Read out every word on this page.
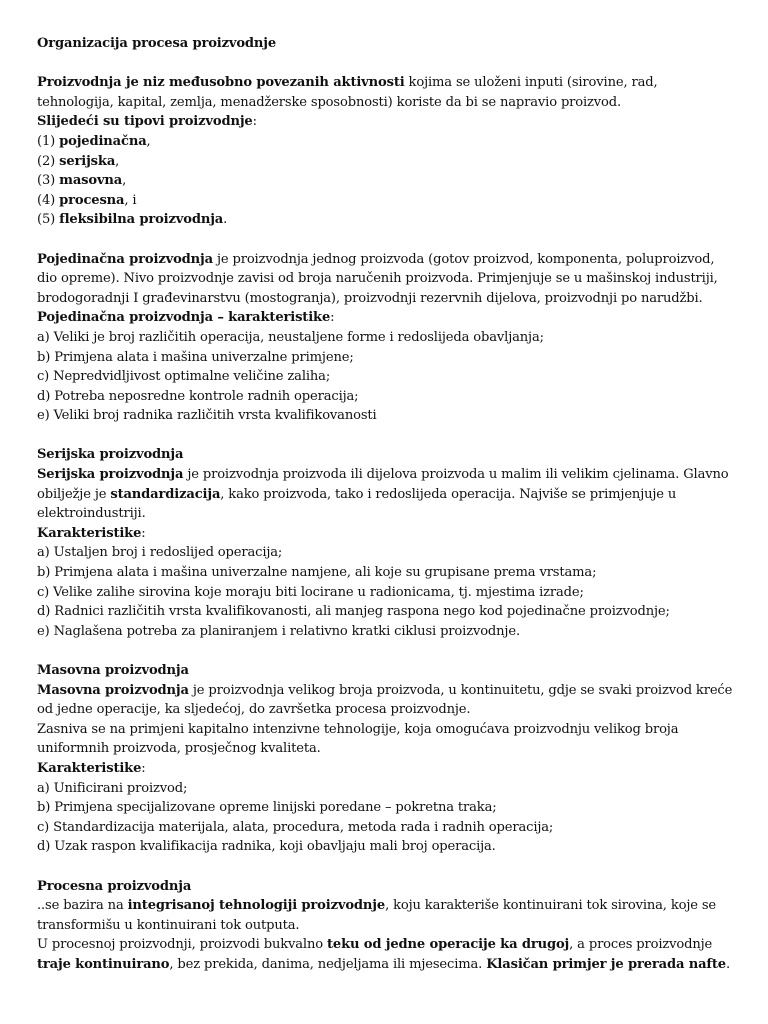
Organizacija procesa proizvodnje
Proizvodnja je niz međusobno povezanih aktivnosti kojima se uloženi inputi (sirovine, rad, tehnologija, kapital, zemlja, menadžerske sposobnosti) koriste da bi se napravio proizvod.
Slijedeći su tipovi proizvodnje:
(1) pojedinačna,
(2) serijska,
(3) masovna,
(4) procesna, i
(5) fleksibilna proizvodnja.
Pojedinačna proizvodnja je proizvodnja jednog proizvoda (gotov proizvod, komponenta, poluproizvod, dio opreme). Nivo proizvodnje zavisi od broja naručenih proizvoda. Primjenjuje se u mašinskoj industriji, brodogoradnji I građevinarstvu (mostogranja), proizvodnji rezervnih dijelova, proizvodnji po narudžbi.
Pojedinačna proizvodnja – karakteristike:
a) Veliki je broj različitih operacija, neustaljene forme i redoslijeda obavljanja;
b) Primjena alata i mašina univerzalne primjene;
c) Nepredvidljivost optimalne veličine zaliha;
d) Potreba neposredne kontrole radnih operacija;
e) Veliki broj radnika različitih vrsta kvalifikovanosti
Serijska proizvodnja
Serijska proizvodnja je proizvodnja proizvoda ili dijelova proizvoda u malim ili velikim cjelinama. Glavno obilježje je standardizacija, kako proizvoda, tako i redoslijeda operacija. Najviše se primjenjuje u elektroindustriji.
Karakteristike:
a) Ustaljen broj i redoslijed operacija;
b) Primjena alata i mašina univerzalne namjene, ali koje su grupisane prema vrstama;
c) Velike zalihe sirovina koje moraju biti locirane u radionicama, tj. mjestima izrade;
d) Radnici različitih vrsta kvalifikovanosti, ali manjeg raspona nego kod pojedinačne proizvodnje;
e) Naglašena potreba za planiranjem i relativno kratki ciklusi proizvodnje.
Masovna proizvodnja
Masovna proizvodnja je proizvodnja velikog broja proizvoda, u kontinuitetu, gdje se svaki proizvod kreće od jedne operacije, ka sljedećoj, do završetka procesa proizvodnje.
Zasniva se na primjeni kapitalno intenzivne tehnologije, koja omogućava proizvodnju velikog broja uniformnih proizvoda, prosječnog kvaliteta.
Karakteristike:
a) Unificirani proizvod;
b) Primjena specijalizovane opreme linijski poredane – pokretna traka;
c) Standardizacija materijala, alata, procedura, metoda rada i radnih operacija;
d) Uzak raspon kvalifikacija radnika, koji obavljaju mali broj operacija.
Procesna proizvodnja
..se bazira na integrisanoj tehnologiji proizvodnje, koju karakteriše kontinuirani tok sirovina, koje se transformišu u kontinuirani tok outputa.
U procesnoj proizvodnji, proizvodi bukvalno teku od jedne operacije ka drugoj, a proces proizvodnje traje kontinuirano, bez prekida, danima, nedjeljama ili mjesecima. Klasičan primjer je prerada nafte.
